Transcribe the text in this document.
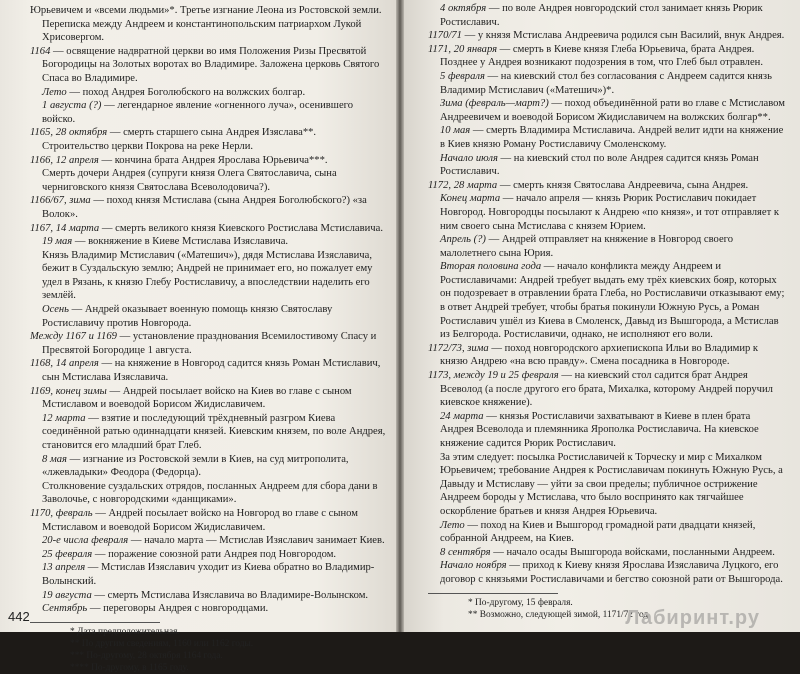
Юрьевичем и «всеми людьми»*. Третье изгнание Леона из Ростовской земли. Переписка между Андреем и константинопольским патриархом Лукой Хрисовергом.

1164 — освящение надвратной церкви во имя Положения Ризы Пресвятой Богородицы на Золотых воротах во Владимире. Заложена церковь Святого Спаса во Владимире.

Лето — поход Андрея Боголюбского на волжских болгар.

1 августа (?) — легендарное явление «огненного луча», осенившего войско.

1165, 28 октября — смерть старшего сына Андрея Изяслава**.

Строительство церкви Покрова на реке Нерли.

1166, 12 апреля — кончина брата Андрея Ярослава Юрьевича***.

Смерть дочери Андрея (супруги князя Олега Святославича, сына черниговского князя Святослава Всеволодовича?).

1166/67, зима — поход князя Мстислава (сына Андрея Боголюбского?) «за Волок».

1167, 14 марта — смерть великого князя Киевского Ростислава Мстиславича.

19 мая — вокняжение в Киеве Мстислава Изяславича.

Князь Владимир Мстиславич («Матешич»), дядя Мстислава Изяславича, бежит в Суздальскую землю; Андрей не принимает его, но пожалует ему удел в Рязань, к князю Глебу Ростиславичу, а впоследствии наделить его землёй.

Осень — Андрей оказывает военную помощь князю Святославу Ростиславичу против Новгорода.

Между 1167 и 1169 — установление празднования Всемилостивому Спасу и Пресвятой Богородице 1 августа.

1168, 14 апреля — на княжение в Новгород садится князь Роман Мстиславич, сын Мстислава Изяславича.

1169, конец зимы — Андрей посылает войско на Киев во главе с сыном Мстиславом и воеводой Борисом Жидиславичем.

12 марта — взятие и последующий трёхдневный разгром Киева соединённой ратью одиннадцати князей. Киевским князем, по воле Андрея, становится его младший брат Глеб.

8 мая — изгнание из Ростовской земли в Киев, на суд митрополита, «лжевладыки» Феодора (Федорца).

Столкновение суздальских отрядов, посланных Андреем для сбора дани в Заволочье, с новгородскими «данщиками».

1170, февраль — Андрей посылает войско на Новгород во главе с сыном Мстиславом и воеводой Борисом Жидиславичем.

20-е числа февраля — начало марта — Мстислав Изяславич занимает Киев.

25 февраля — поражение союзной рати Андрея под Новгородом.

13 апреля — Мстислав Изяславич уходит из Киева обратно во Владимир-Волынский.

19 августа — смерть Мстислава Изяславича во Владимире-Волынском.

Сентябрь — переговоры Андрея с новгородцами.

* Дата предположительная.

** По другим сведениям, 1160 или 1162 годы.

*** По-другому, 28 октября 1164 года.

**** По-другому, в 1165 году.

442

4 октября — по воле Андрея новгородский стол занимает князь Рюрик Ростиславич.

1170/71 — у князя Мстислава Андреевича родился сын Василий, внук Андрея.

1171, 20 января — смерть в Киеве князя Глеба Юрьевича, брата Андрея. Позднее у Андрея возникают подозрения в том, что Глеб был отравлен.

5 февраля — на киевский стол без согласования с Андреем садится князь Владимир Мстиславич («Матешич»)*.

Зима (февраль—март?) — поход объединённой рати во главе с Мстиславом Андреевичем и воеводой Борисом Жидиславичем на волжских болгар**.

10 мая — смерть Владимира Мстиславича. Андрей велит идти на княжение в Киев князю Роману Ростиславичу Смоленскому.

Начало июля — на киевский стол по воле Андрея садится князь Роман Ростиславич.

1172, 28 марта — смерть князя Святослава Андреевича, сына Андрея.

Конец марта — начало апреля — князь Рюрик Ростиславич покидает Новгород. Новгородцы посылают к Андрею «по князя», и тот отправляет к ним своего сына Мстислава с князем Юрием.

Апрель (?) — Андрей отправляет на княжение в Новгород своего малолетнего сына Юрия.

Вторая половина года — начало конфликта между Андреем и Ростиславичами: Андрей требует выдать ему трёх киевских бояр, которых он подозревает в отравлении брата Глеба, но Ростиславичи отказывают ему; в ответ Андрей требует, чтобы братья покинули Южную Русь, а Роман Ростиславич ушёл из Киева в Смоленск, Давыд из Вышгорода, а Мстислав из Белгорода. Ростиславичи, однако, не исполняют его воли.

1172/73, зима — поход новгородского архиепископа Ильи во Владимир к князю Андрею «на всю правду». Смена посадника в Новгороде.

1173, между 19 и 25 февраля — на киевский стол садится брат Андрея Всеволод (а после другого его брата, Михалка, которому Андрей поручил киевское княжение).

24 марта — князья Ростиславичи захватывают в Киеве в плен брата Андрея Всеволода и племянника Ярополка Ростиславича. На киевское княжение садится Рюрик Ростиславич.

За этим следует: посылка Ростиславичей к Торческу и мир с Михалком Юрьевичем; требование Андрея к Ростиславичам покинуть Южную Русь, а Давыду и Мстиславу — уйти за свои пределы; публичное острижение Андреем бороды у Мстислава, что было воспринято как тягчайшее оскорбление братьев и князя Андрея Юрьевича.

Лето — поход на Киев и Вышгород громадной рати двадцати князей, собранной Андреем, на Киев.

8 сентября — начало осады Вышгорода войсками, посланными Андреем.

Начало ноября — приход к Киеву князя Ярослава Изяславича Луцкого, его договор с князьями Ростиславичами и бегство союзной рати от Вышгорода.

* По-другому, 15 февраля.

** Возможно, следующей зимой, 1171/72 год.

Лабиринт.ру
